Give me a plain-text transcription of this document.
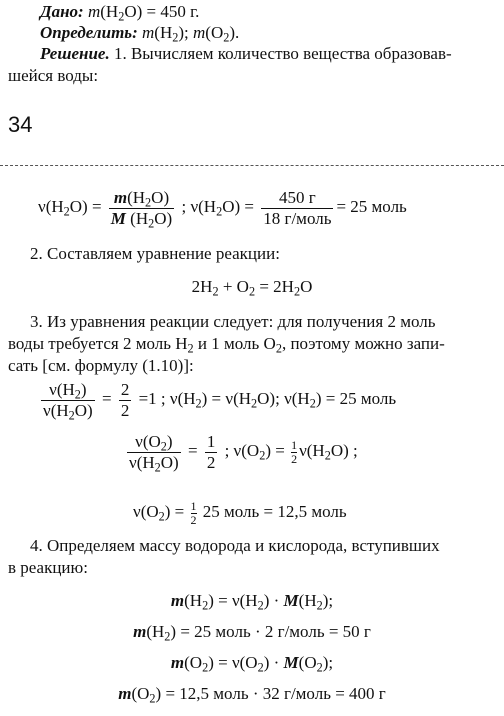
Дано: $m(H_2O) = 450$ г.
Определить: $m(H_2)$; $m(O_2)$.
Решение. 1. Вычисляем количество вещества образовав-
шейся воды:
34
$\nu(H_2O) = \frac{m(H_2O)}{M (H_2O)}$ ; $\nu(H_2O) = \frac{450 г}{\text{18 г/моль}} = 25$ моль
2. Составляем уравнение реакции:
$2H_2 + O_2 = 2H_2O$
3. Из уравнения реакции следует: для получения 2 моль
воды требуется 2 моль $H_2$ и 1 моль $O_2$, поэтому можно запи-
сать [см. формулу (1.10)]:
$\frac{\nu(H_2)}{\nu(H_2O)} = \frac{2}{2} =1$ ; $\nu(H_2) = \nu(H_2O)$; $\nu(H_2) = 25$ моль
$\frac{\nu(O_2)}{\nu(H_2O)} = \frac{1}{2}$ ; $\nu(O_2) = \frac{1}{2} \nu(H_2O)$ ;
$\nu(O_2) = \frac{1}{2} 25$ моль = 12,5 моль
4. Определяем массу водорода и кислорода, вступивших
в реакцию:
$m(H_2) = \nu(H_2) \cdot M(H_2)$;
$m(H_2) = 25$ моль · 2 г/моль = 50 г
$m(O_2) = \nu(O_2) \cdot M(O_2)$;
$m(O_2) = 12,5$ моль · 32 г/моль = 400 г
